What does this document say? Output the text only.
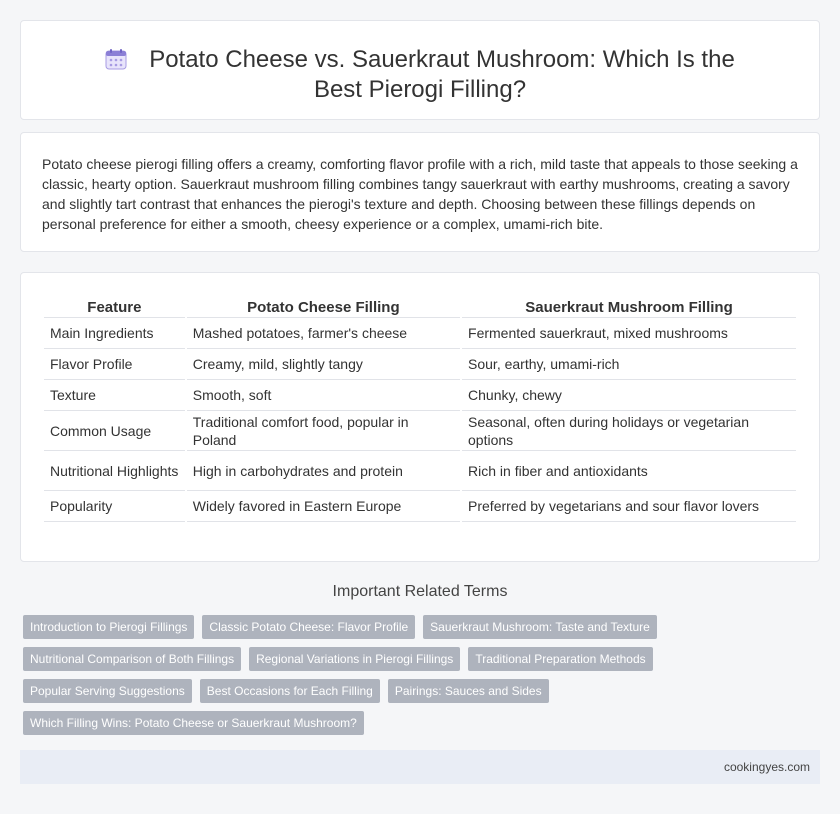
Potato Cheese vs. Sauerkraut Mushroom: Which Is the Best Pierogi Filling?

Potato cheese pierogi filling offers a creamy, comforting flavor profile with a rich, mild taste that appeals to those seeking a classic, hearty option. Sauerkraut mushroom filling combines tangy sauerkraut with earthy mushrooms, creating a savory and slightly tart contrast that enhances the pierogi's texture and depth. Choosing between these fillings depends on personal preference for either a smooth, cheesy experience or a complex, umami-rich bite.

Feature	Potato Cheese Filling	Sauerkraut Mushroom Filling
Main Ingredients	Mashed potatoes, farmer's cheese	Fermented sauerkraut, mixed mushrooms
Flavor Profile	Creamy, mild, slightly tangy	Sour, earthy, umami-rich
Texture	Smooth, soft	Chunky, chewy
Common Usage	Traditional comfort food, popular in Poland	Seasonal, often during holidays or vegetarian options
Nutritional Highlights	High in carbohydrates and protein	Rich in fiber and antioxidants
Popularity	Widely favored in Eastern Europe	Preferred by vegetarians and sour flavor lovers
Important Related Terms
Introduction to Pierogi Fillings	Classic Potato Cheese: Flavor Profile	Sauerkraut Mushroom: Taste and Texture
Nutritional Comparison of Both Fillings	Regional Variations in Pierogi Fillings	Traditional Preparation Methods
Popular Serving Suggestions	Best Occasions for Each Filling	Pairings: Sauces and Sides
Which Filling Wins: Potato Cheese or Sauerkraut Mushroom?
cookingyes.com
